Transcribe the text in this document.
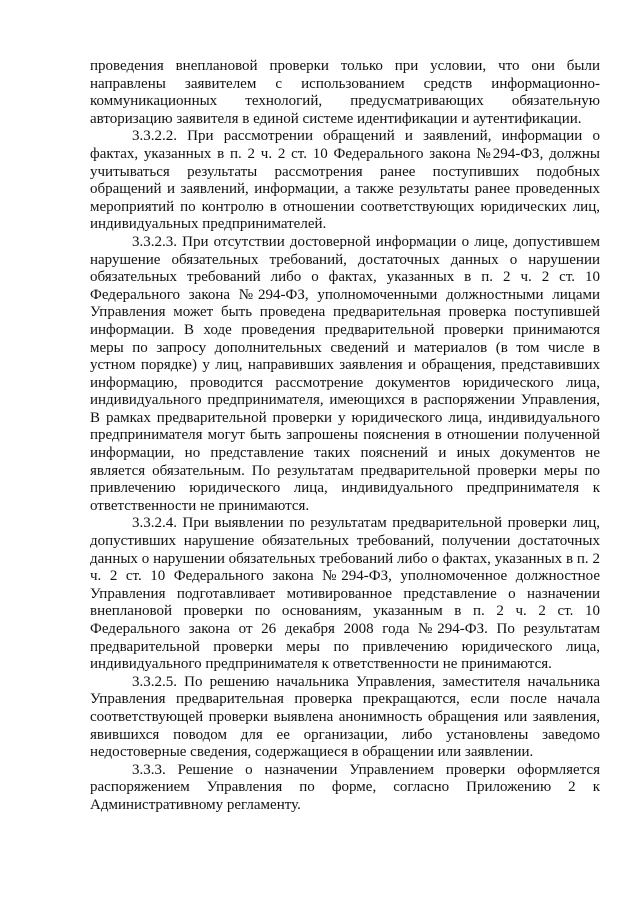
проведения внеплановой проверки только при условии, что они были направлены заявителем с использованием средств информационно-коммуникационных технологий, предусматривающих обязательную авторизацию заявителя в единой системе идентификации и аутентификации.

3.3.2.2. При рассмотрении обращений и заявлений, информации о фактах, указанных в п. 2 ч. 2 ст. 10 Федерального закона №294-ФЗ, должны учитываться результаты рассмотрения ранее поступивших подобных обращений и заявлений, информации, а также результаты ранее проведенных мероприятий по контролю в отношении соответствующих юридических лиц, индивидуальных предпринимателей.

3.3.2.3. При отсутствии достоверной информации о лице, допустившем нарушение обязательных требований, достаточных данных о нарушении обязательных требований либо о фактах, указанных в п. 2 ч. 2 ст. 10 Федерального закона №294-ФЗ, уполномоченными должностными лицами Управления может быть проведена предварительная проверка поступившей информации. В ходе проведения предварительной проверки принимаются меры по запросу дополнительных сведений и материалов (в том числе в устном порядке) у лиц, направивших заявления и обращения, представивших информацию, проводится рассмотрение документов юридического лица, индивидуального предпринимателя, имеющихся в распоряжении Управления, В рамках предварительной проверки у юридического лица, индивидуального предпринимателя могут быть запрошены пояснения в отношении полученной информации, но представление таких пояснений и иных документов не является обязательным. По результатам предварительной проверки меры по привлечению юридического лица, индивидуального предпринимателя к ответственности не принимаются.

3.3.2.4. При выявлении по результатам предварительной проверки лиц, допустивших нарушение обязательных требований, получении достаточных данных о нарушении обязательных требований либо о фактах, указанных в п. 2 ч. 2 ст. 10 Федерального закона №294-ФЗ, уполномоченное должностное Управления подготавливает мотивированное представление о назначении внеплановой проверки по основаниям, указанным в п. 2 ч. 2 ст. 10 Федерального закона от 26 декабря 2008 года №294-ФЗ. По результатам предварительной проверки меры по привлечению юридического лица, индивидуального предпринимателя к ответственности не принимаются.

3.3.2.5. По решению начальника Управления, заместителя начальника Управления предварительная проверка прекращаются, если после начала соответствующей проверки выявлена анонимность обращения или заявления, явившихся поводом для ее организации, либо установлены заведомо недостоверные сведения, содержащиеся в обращении или заявлении.

3.3.3. Решение о назначении Управлением проверки оформляется распоряжением Управления по форме, согласно Приложению 2 к Административному регламенту.
